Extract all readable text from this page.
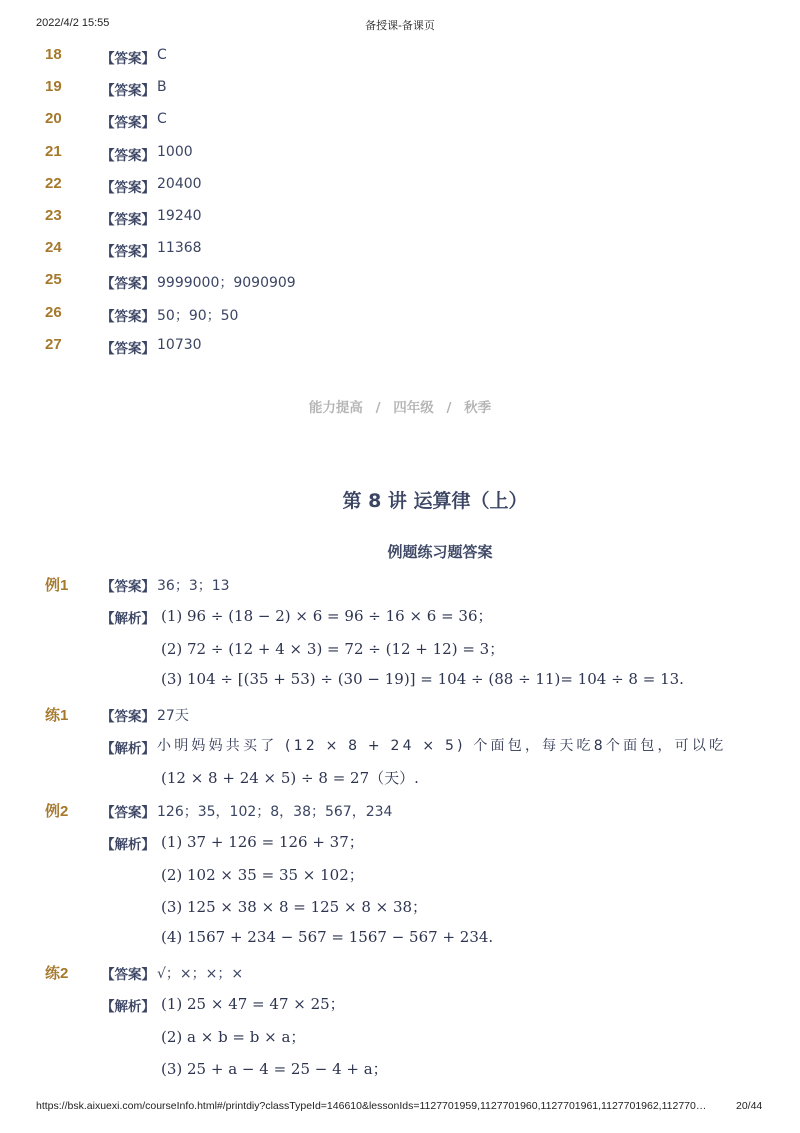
2022/4/2 15:55	备授课-备课页
18	【答案】 C
19	【答案】 B
20	【答案】 C
21	【答案】 1000
22	【答案】 20400
23	【答案】 19240
24	【答案】 11368
25	【答案】 9999000；9090909
26	【答案】 50；90；50
27	【答案】 10730
能力提高 / 四年级 / 秋季
第 8 讲 运算律（上）
例题练习题答案
例1 【答案】 36；3；13
【解析】 (1) 96 ÷ (18 − 2) × 6 = 96 ÷ 16 × 6 = 36；
(2) 72 ÷ (12 + 4 × 3) = 72 ÷ (12 + 12) = 3；
(3) 104 ÷ [(35 + 53) ÷ (30 − 19)] = 104 ÷ (88 ÷ 11)= 104 ÷ 8 = 13.
练1 【答案】 27天
【解析】 小明妈妈共买了 (12 × 8 + 24 × 5) 个面包，每天吃8个面包，可以吃
(12 × 8 + 24 × 5) ÷ 8 = 27（天）.
例2 【答案】 126；35，102；8，38；567，234
【解析】 (1) 37 + 126 = 126 + 37；
(2) 102 × 35 = 35 × 102；
(3) 125 × 38 × 8 = 125 × 8 × 38；
(4) 1567 + 234 − 567 = 1567 − 567 + 234.
练2 【答案】 √；×；×；×
【解析】 (1) 25 × 47 = 47 × 25；
(2) a × b = b × a；
(3) 25 + a − 4 = 25 − 4 + a；
https://bsk.aixuexi.com/courseInfo.html#/printdiy?classTypeId=146610&lessonIds=1127701959,1127701960,1127701961,1127701962,112770…	20/44
